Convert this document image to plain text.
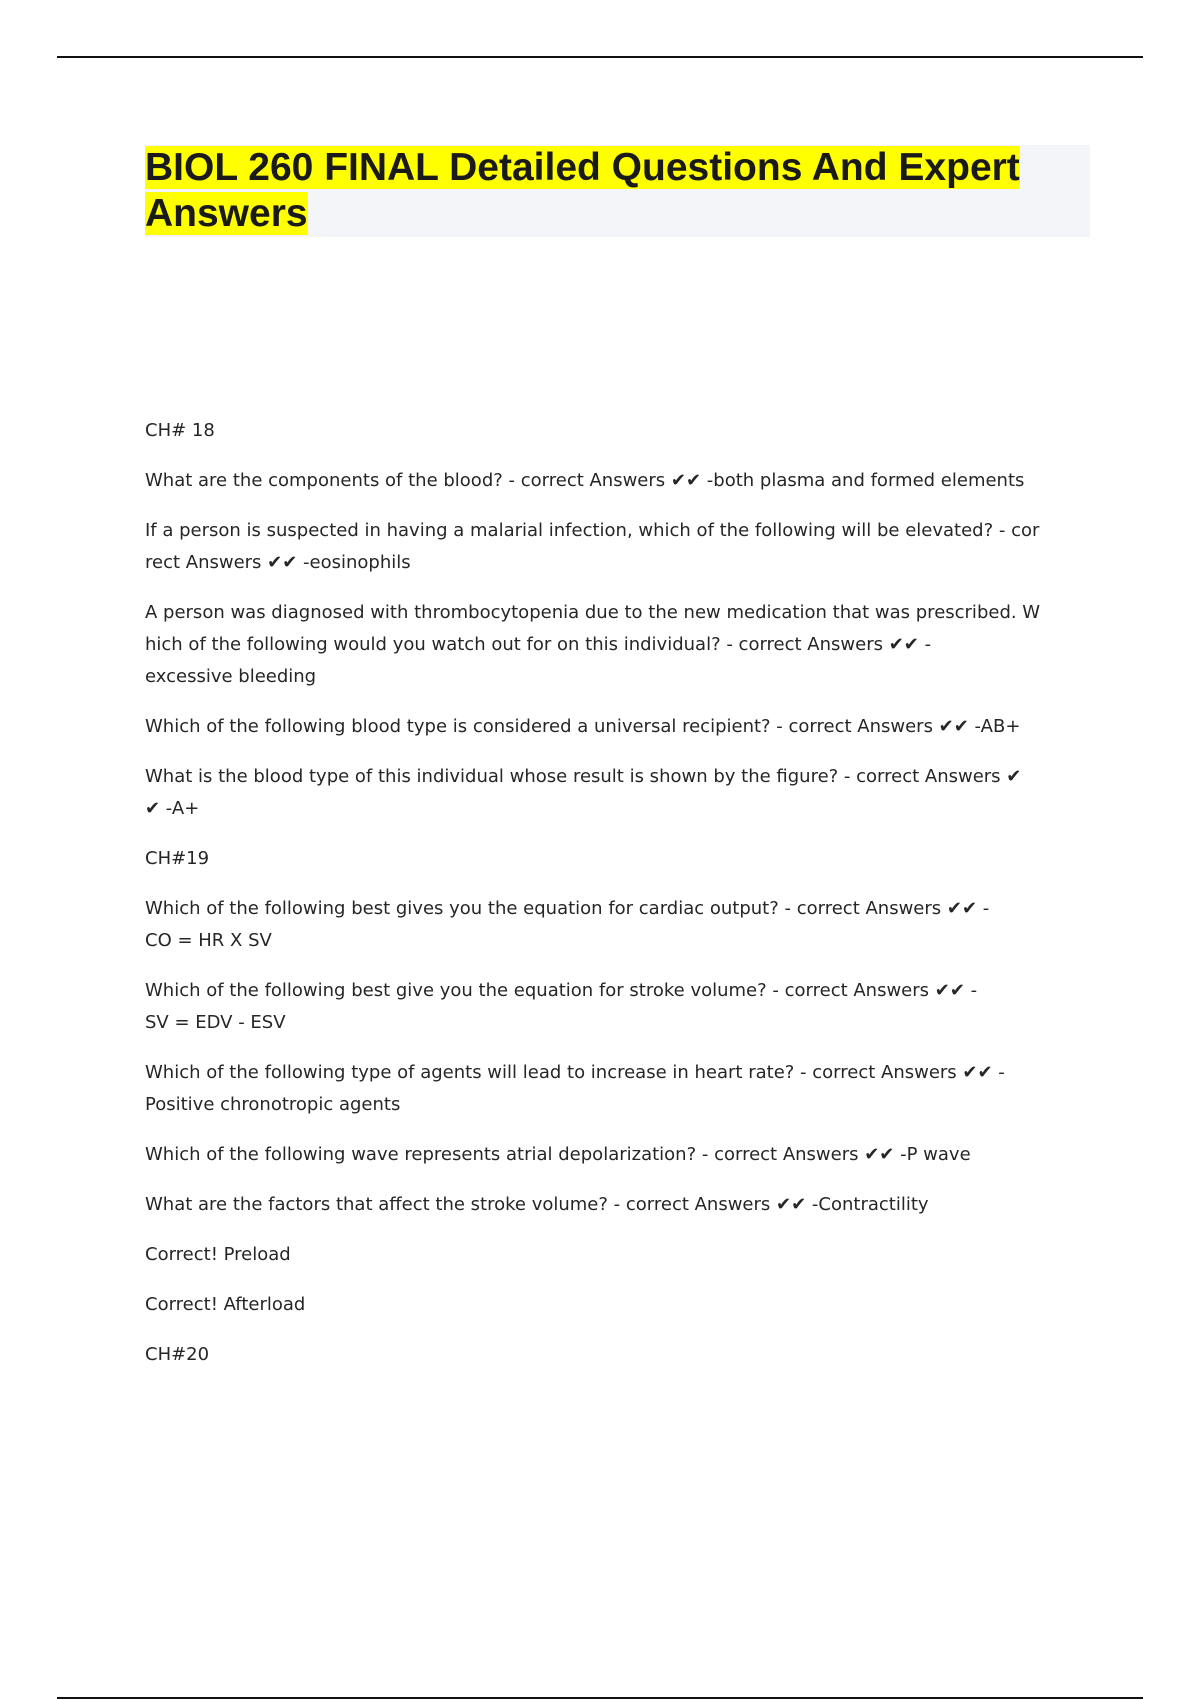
BIOL 260 FINAL Detailed Questions And Expert Answers

CH# 18

What are the components of the blood? - correct Answers ✔✔ -both plasma and formed elements

If a person is suspected in having a malarial infection, which of the following will be elevated? - cor
rect Answers ✔✔ -eosinophils

A person was diagnosed with thrombocytopenia due to the new medication that was prescribed. W
hich of the following would you watch out for on this individual? - correct Answers ✔✔ -
excessive bleeding

Which of the following blood type is considered a universal recipient? - correct Answers ✔✔ -AB+

What is the blood type of this individual whose result is shown by the figure? - correct Answers ✔
✔ -A+

CH#19

Which of the following best gives you the equation for cardiac output? - correct Answers ✔✔ -
CO = HR X SV

Which of the following best give you the equation for stroke volume? - correct Answers ✔✔ -
SV = EDV - ESV

Which of the following type of agents will lead to increase in heart rate? - correct Answers ✔✔ -
Positive chronotropic agents

Which of the following wave represents atrial depolarization? - correct Answers ✔✔ -P wave

What are the factors that affect the stroke volume? - correct Answers ✔✔ -Contractility

Correct! Preload

Correct! Afterload

CH#20
